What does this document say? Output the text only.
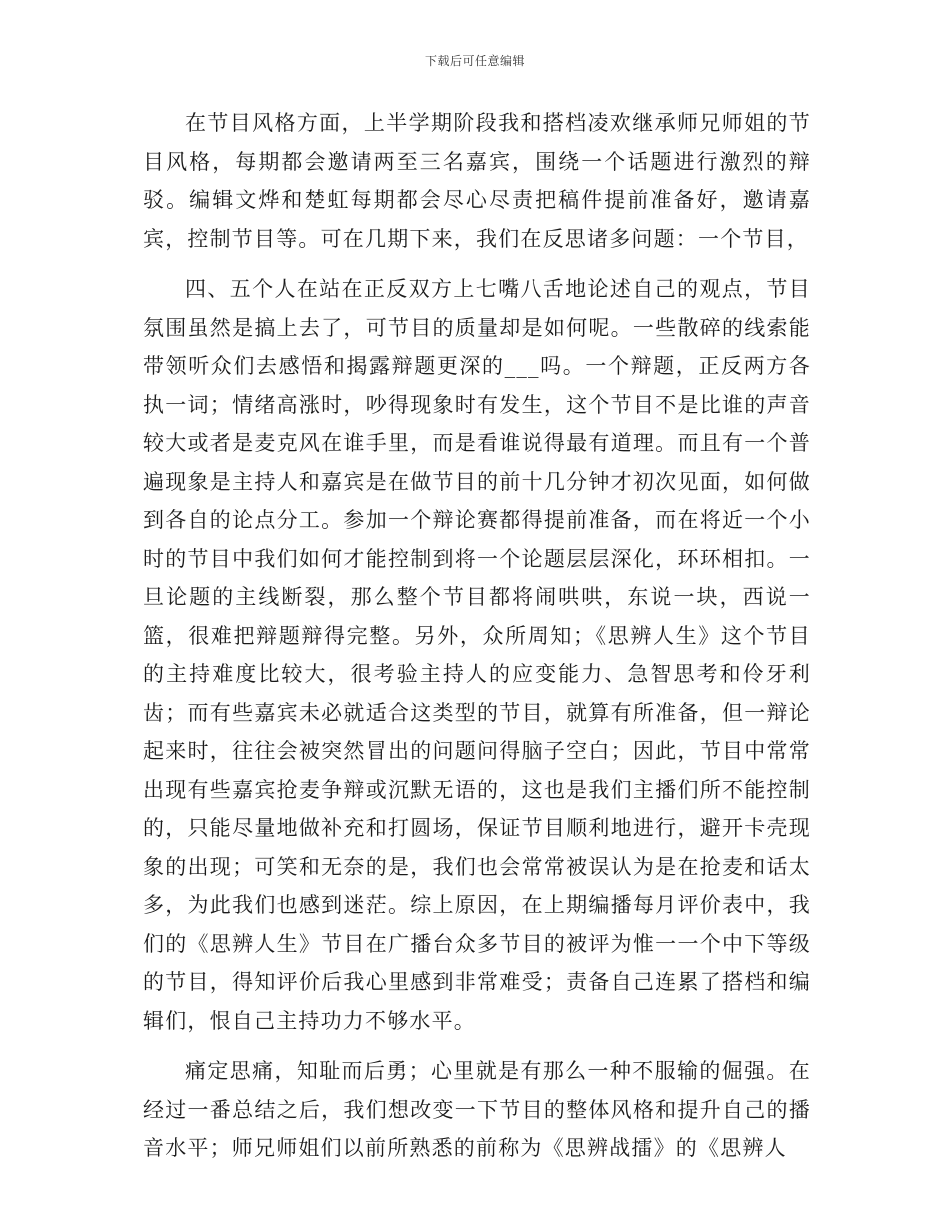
下载后可任意编辑

在节目风格方面，上半学期阶段我和搭档凌欢继承师兄师姐的节目风格，每期都会邀请两至三名嘉宾，围绕一个话题进行激烈的辩驳。编辑文烨和楚虹每期都会尽心尽责把稿件提前准备好，邀请嘉宾，控制节目等。可在几期下来，我们在反思诸多问题：一个节目，

四、五个人在站在正反双方上七嘴八舌地论述自己的观点，节目氛围虽然是搞上去了，可节目的质量却是如何呢。一些散碎的线索能带领听众们去感悟和揭露辩题更深的___吗。一个辩题，正反两方各执一词；情绪高涨时，吵得现象时有发生，这个节目不是比谁的声音较大或者是麦克风在谁手里，而是看谁说得最有道理。而且有一个普遍现象是主持人和嘉宾是在做节目的前十几分钟才初次见面，如何做到各自的论点分工。参加一个辩论赛都得提前准备，而在将近一个小时的节目中我们如何才能控制到将一个论题层层深化，环环相扣。一旦论题的主线断裂，那么整个节目都将闹哄哄，东说一块，西说一篮，很难把辩题辩得完整。另外，众所周知；《思辨人生》这个节目的主持难度比较大，很考验主持人的应变能力、急智思考和伶牙利齿；而有些嘉宾未必就适合这类型的节目，就算有所准备，但一辩论起来时，往往会被突然冒出的问题问得脑子空白；因此，节目中常常出现有些嘉宾抢麦争辩或沉默无语的，这也是我们主播们所不能控制的，只能尽量地做补充和打圆场，保证节目顺利地进行，避开卡壳现象的出现；可笑和无奈的是，我们也会常常被误认为是在抢麦和话太多，为此我们也感到迷茫。综上原因，在上期编播每月评价表中，我们的《思辨人生》节目在广播台众多节目的被评为惟一一个中下等级的节目，得知评价后我心里感到非常难受；责备自己连累了搭档和编辑们，恨自己主持功力不够水平。

痛定思痛，知耻而后勇；心里就是有那么一种不服输的倔强。在经过一番总结之后，我们想改变一下节目的整体风格和提升自己的播音水平；师兄师姐们以前所熟悉的前称为《思辨战擂》的《思辨人
